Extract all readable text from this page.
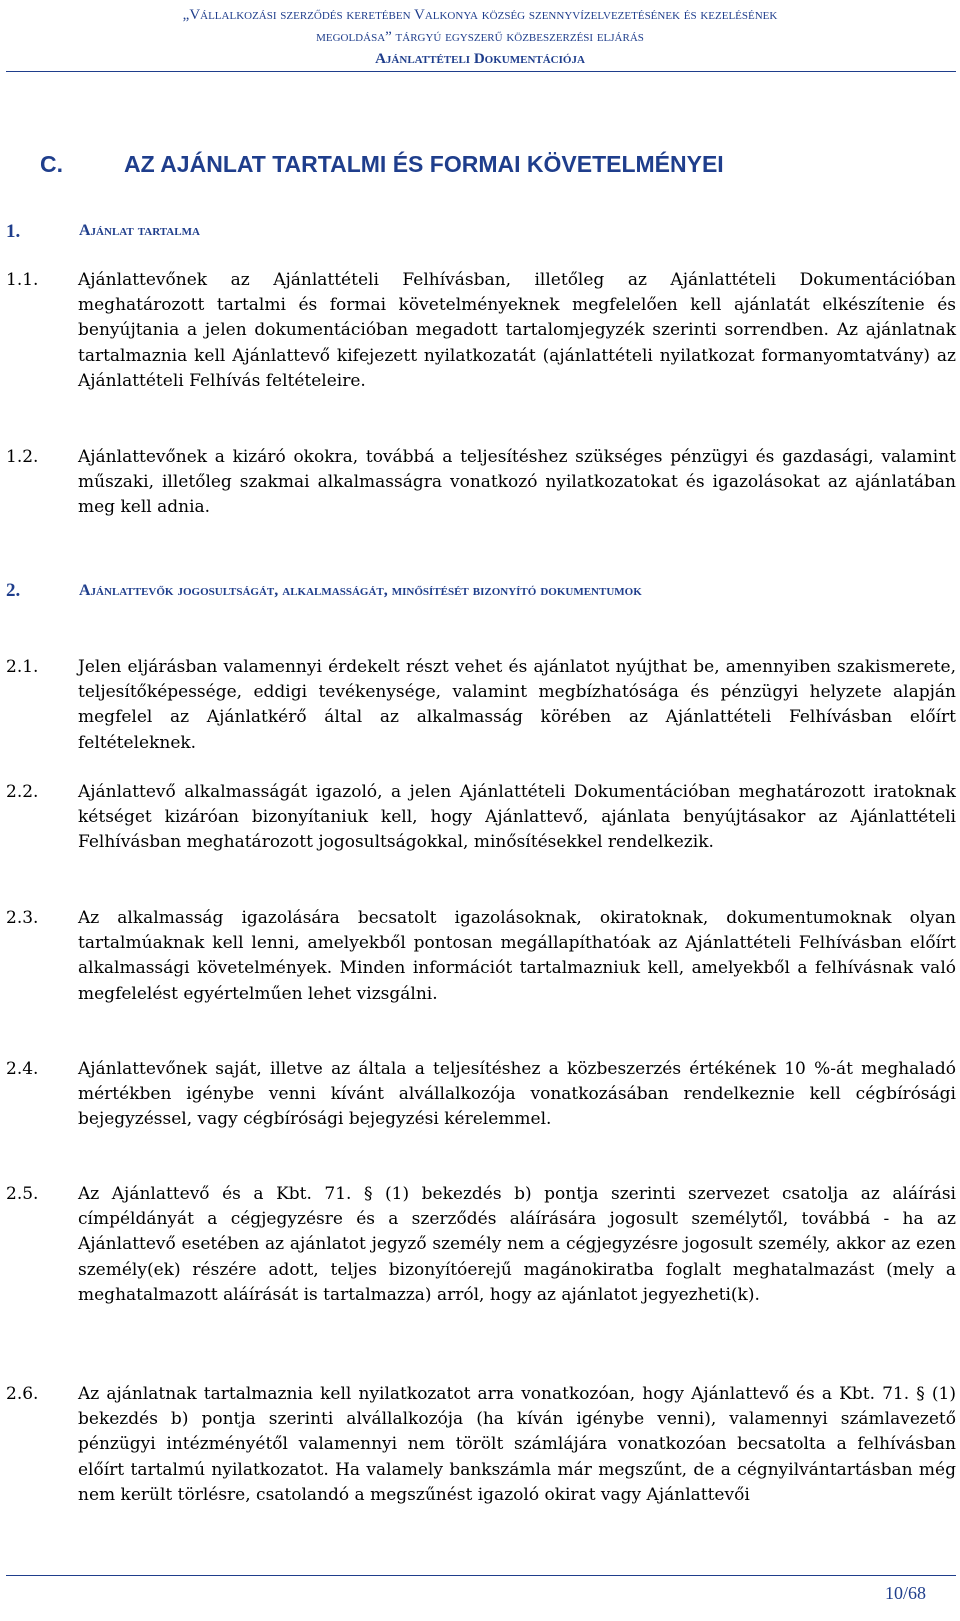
„Vállalkozási szerződés keretében Valkonya község szennyvízelvezetésének és kezelésének
megoldása” tárgyú egyszerű közbeszerzési eljárás
Ajánlattételi Dokumentációja
C.	AZ AJÁNLAT TARTALMI ÉS FORMAI KÖVETELMÉNYEI
1.	Ajánlat tartalma
1.1. Ajánlattevőnek az Ajánlattételi Felhívásban, illetőleg az Ajánlattételi Dokumentációban meghatározott tartalmi és formai követelményeknek megfelelően kell ajánlatát elkészítenie és benyújtania a jelen dokumentációban megadott tartalomjegyzék szerinti sorrendben. Az ajánlatnak tartalmaznia kell Ajánlattevő kifejezett nyilatkozatát (ajánlattételi nyilatkozat formanyomtatvány) az Ajánlattételi Felhívás feltételeire.
1.2. Ajánlattevőnek a kizáró okokra, továbbá a teljesítéshez szükséges pénzügyi és gazdasági, valamint műszaki, illetőleg szakmai alkalmasságra vonatkozó nyilatkozatokat és igazolásokat az ajánlatában meg kell adnia.
2.	Ajánlattevők jogosultságát, alkalmasságát, minősítését bizonyító dokumentumok
2.1. Jelen eljárásban valamennyi érdekelt részt vehet és ajánlatot nyújthat be, amennyiben szakismerete, teljesítőképessége, eddigi tevékenysége, valamint megbízhatósága és pénzügyi helyzete alapján megfelel az Ajánlatkérő által az alkalmasság körében az Ajánlattételi Felhívásban előírt feltételeknek.
2.2. Ajánlattevő alkalmasságát igazoló, a jelen Ajánlattételi Dokumentációban meghatározott iratoknak kétséget kizáróan bizonyítaniuk kell, hogy Ajánlattevő, ajánlata benyújtásakor az Ajánlattételi Felhívásban meghatározott jogosultságokkal, minősítésekkel rendelkezik.
2.3. Az alkalmasság igazolására becsatolt igazolásoknak, okiratoknak, dokumentumoknak olyan tartalmúaknak kell lenni, amelyekből pontosan megállapíthatóak az Ajánlattételi Felhívásban előírt alkalmassági követelmények. Minden információt tartalmazniuk kell, amelyekből a felhívásnak való megfelelést egyértelműen lehet vizsgálni.
2.4. Ajánlattevőnek saját, illetve az általa a teljesítéshez a közbeszerzés értékének 10 %-át meghaladó mértékben igénybe venni kívánt alvállalkozója vonatkozásában rendelkeznie kell cégbírósági bejegyzéssel, vagy cégbírósági bejegyzési kérelemmel.
2.5. Az Ajánlattevő és a Kbt. 71. § (1) bekezdés b) pontja szerinti szervezet csatolja az aláírási címpéldányát a cégjegyzésre és a szerződés aláírására jogosult személytől, továbbá - ha az Ajánlattevő esetében az ajánlatot jegyző személy nem a cégjegyzésre jogosult személy, akkor az ezen személy(ek) részére adott, teljes bizonyítóerejű magánokiratba foglalt meghatalmazást (mely a meghatalmazott aláírását is tartalmazza) arról, hogy az ajánlatot jegyezheti(k).
2.6. Az ajánlatnak tartalmaznia kell nyilatkozatot arra vonatkozóan, hogy Ajánlattevő és a Kbt. 71. § (1) bekezdés b) pontja szerinti alvállalkozója (ha kíván igénybe venni), valamennyi számlavezető pénzügyi intézményétől valamennyi nem törölt számlájára vonatkozóan becsatolta a felhívásban előírt tartalmú nyilatkozatot. Ha valamely bankszámla már megszűnt, de a cégnyilvántartásban még nem került törlésre, csatolandó a megszűnést igazoló okirat vagy Ajánlattevői
10/68
